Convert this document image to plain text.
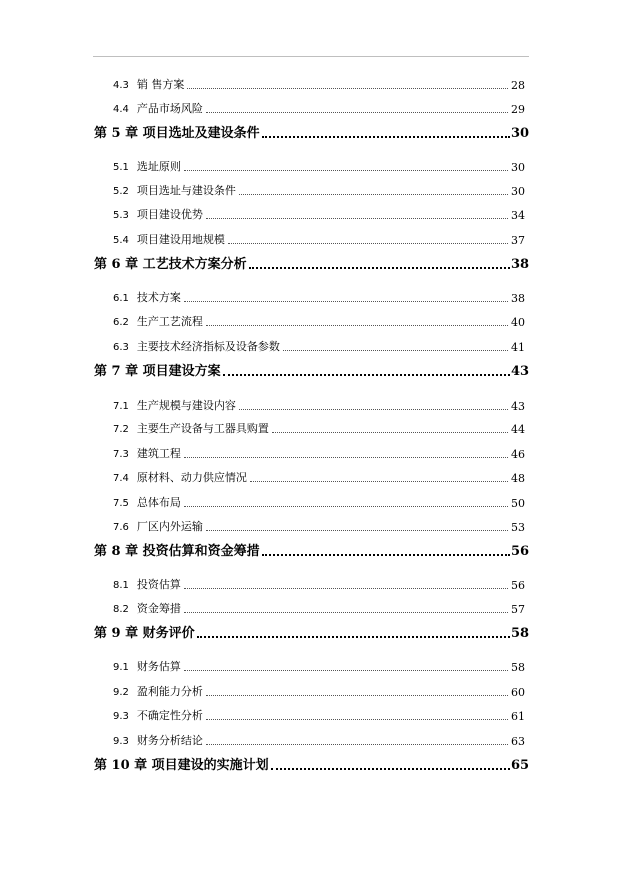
4.3 销 售方案	28
4.4 产品市场风险	29
第 5 章 项目选址及建设条件	30
5.1 选址原则	30
5.2 项目选址与建设条件	30
5.3 项目建设优势	34
5.4 项目建设用地规模	37
第 6 章 工艺技术方案分析	38
6.1 技术方案	38
6.2 生产工艺流程	40
6.3 主要技术经济指标及设备参数	41
第 7 章 项目建设方案	43
7.1 生产规模与建设内容	43
7.2 主要生产设备与工器具购置	44
7.3 建筑工程	46
7.4 原材料、动力供应情况	48
7.5 总体布局	50
7.6 厂区内外运输	53
第 8 章 投资估算和资金筹措	56
8.1 投资估算	56
8.2 资金筹措	57
第 9 章 财务评价	58
9.1 财务估算	58
9.2 盈利能力分析	60
9.3 不确定性分析	61
9.3 财务分析结论	63
第 10 章 项目建设的实施计划	65
